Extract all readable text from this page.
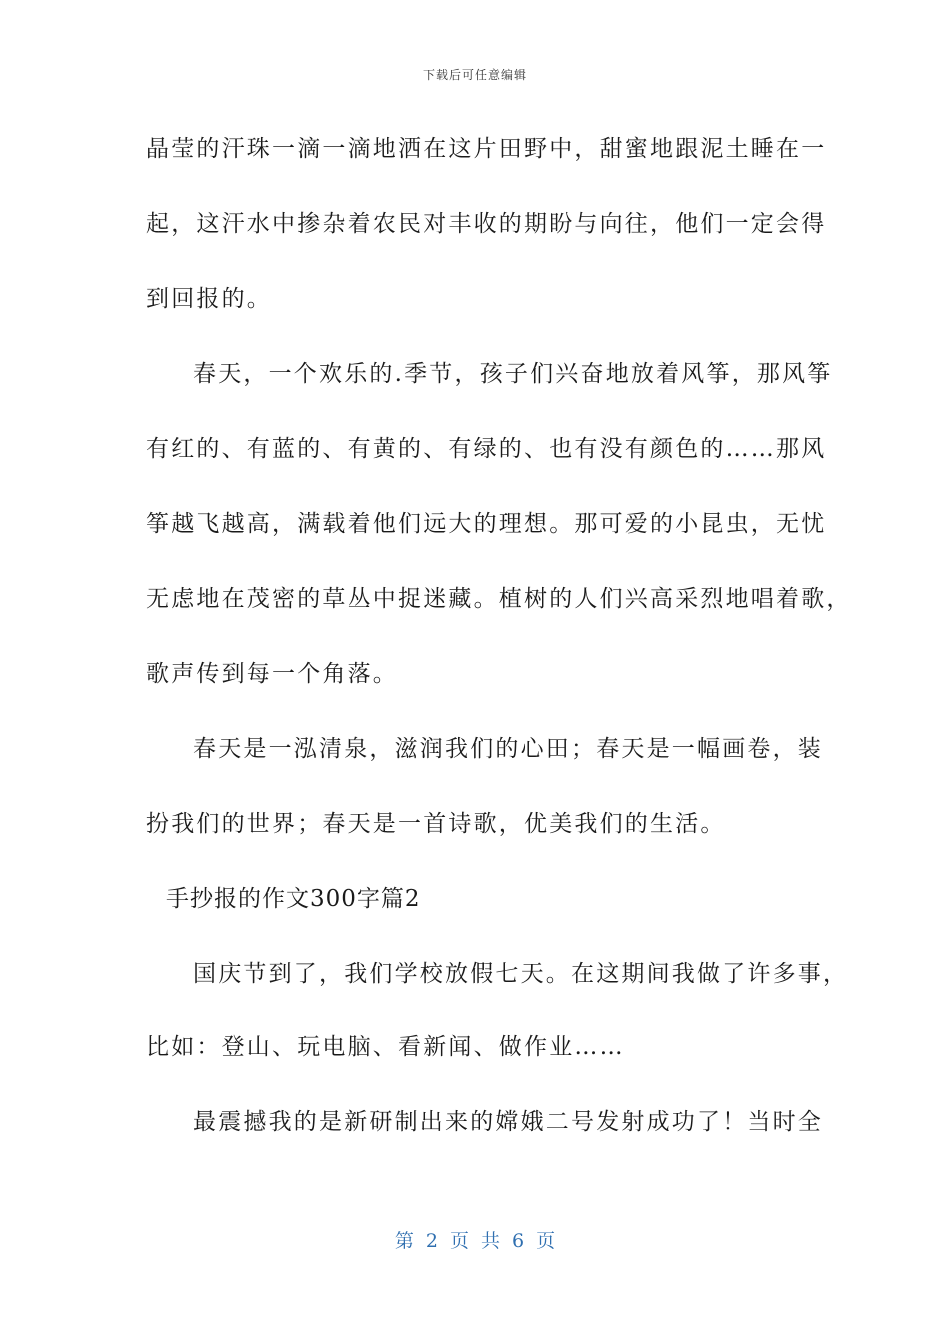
下载后可任意编辑
晶莹的汗珠一滴一滴地洒在这片田野中，甜蜜地跟泥土睡在一
起，这汗水中掺杂着农民对丰收的期盼与向往，他们一定会得
到回报的。
春天，一个欢乐的.季节，孩子们兴奋地放着风筝，那风筝
有红的、有蓝的、有黄的、有绿的、也有没有颜色的……那风
筝越飞越高，满载着他们远大的理想。那可爱的小昆虫，无忧
无虑地在茂密的草丛中捉迷藏。植树的人们兴高采烈地唱着歌，
歌声传到每一个角落。
春天是一泓清泉，滋润我们的心田；春天是一幅画卷，装
扮我们的世界；春天是一首诗歌，优美我们的生活。
手抄报的作文300字篇2
国庆节到了，我们学校放假七天。在这期间我做了许多事，
比如：登山、玩电脑、看新闻、做作业……
最震撼我的是新研制出来的嫦娥二号发射成功了！当时全
第 2 页 共 6 页
